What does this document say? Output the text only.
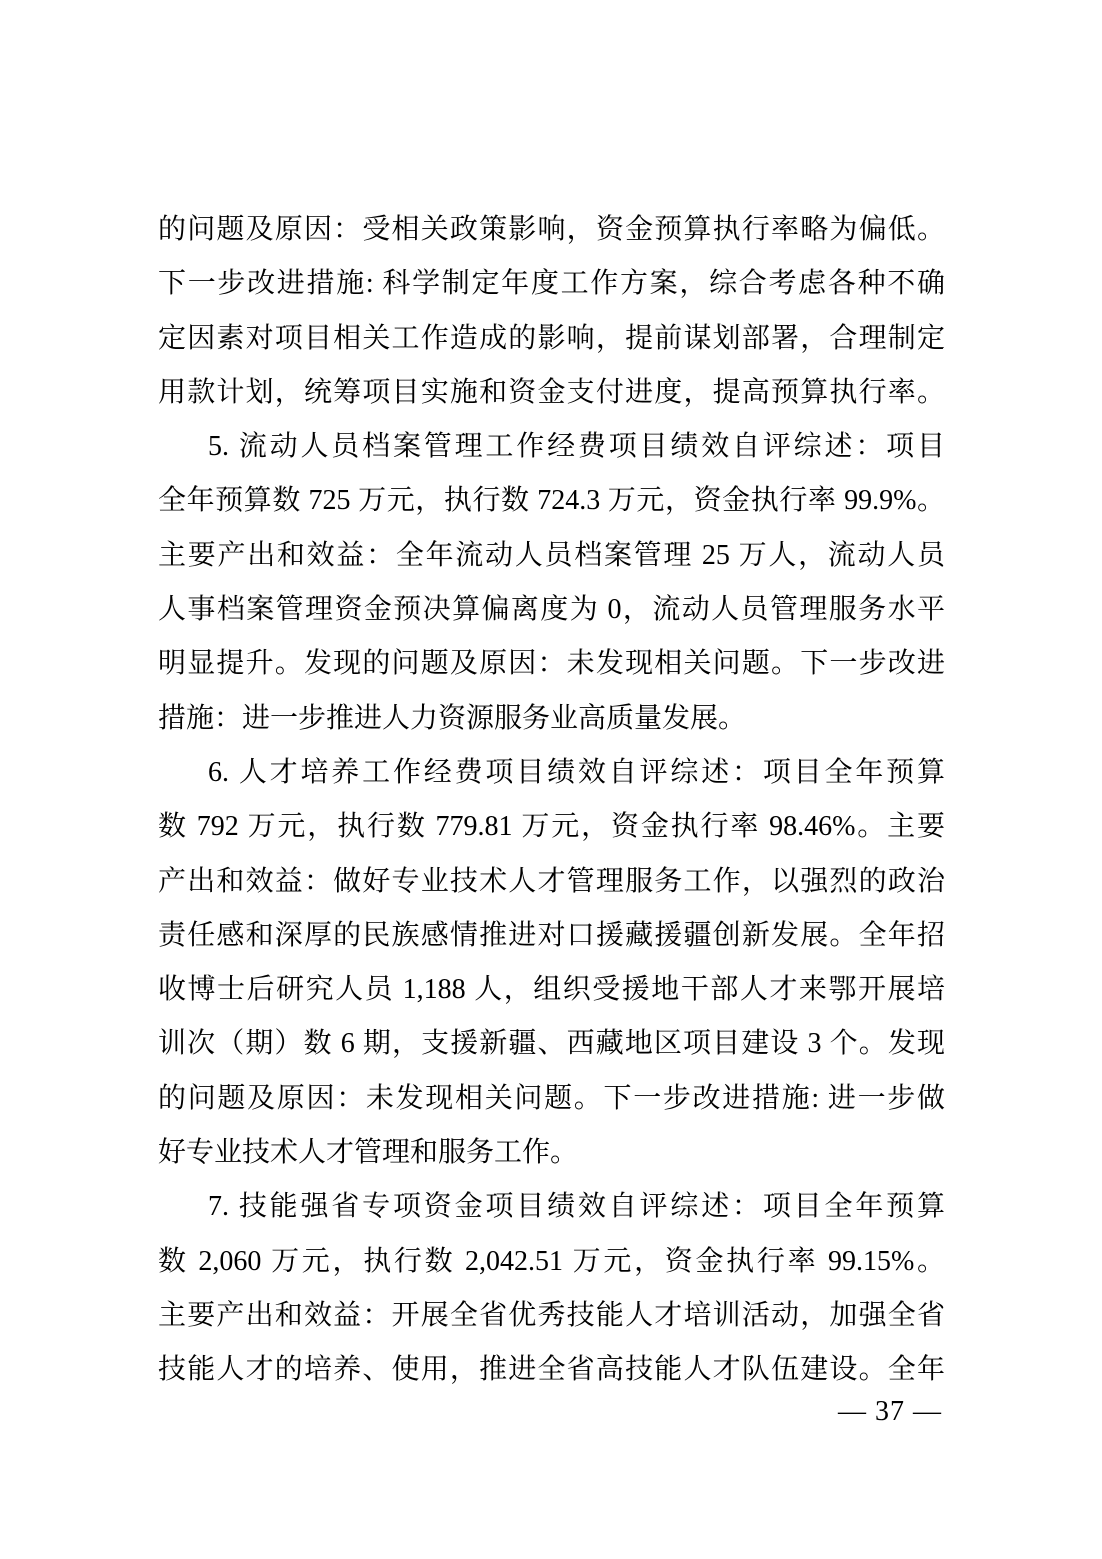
的问题及原因：受相关政策影响，资金预算执行率略为偏低。
下一步改进措施: 科学制定年度工作方案，综合考虑各种不确
定因素对项目相关工作造成的影响，提前谋划部署，合理制定
用款计划，统筹项目实施和资金支付进度，提高预算执行率。
5. 流动人员档案管理工作经费项目绩效自评综述：项目
全年预算数 725 万元，执行数 724.3 万元，资金执行率 99.9%。
主要产出和效益：全年流动人员档案管理 25 万人，流动人员
人事档案管理资金预决算偏离度为 0，流动人员管理服务水平
明显提升。发现的问题及原因：未发现相关问题。下一步改进
措施：进一步推进人力资源服务业高质量发展。
6. 人才培养工作经费项目绩效自评综述：项目全年预算
数 792 万元，执行数 779.81 万元，资金执行率 98.46%。主要
产出和效益：做好专业技术人才管理服务工作，以强烈的政治
责任感和深厚的民族感情推进对口援藏援疆创新发展。全年招
收博士后研究人员 1,188 人，组织受援地干部人才来鄂开展培
训次（期）数 6 期，支援新疆、西藏地区项目建设 3 个。发现
的问题及原因：未发现相关问题。下一步改进措施: 进一步做
好专业技术人才管理和服务工作。
7. 技能强省专项资金项目绩效自评综述：项目全年预算
数 2,060 万元，执行数 2,042.51 万元，资金执行率 99.15%。
主要产出和效益：开展全省优秀技能人才培训活动，加强全省
技能人才的培养、使用，推进全省高技能人才队伍建设。全年
— 37 —
